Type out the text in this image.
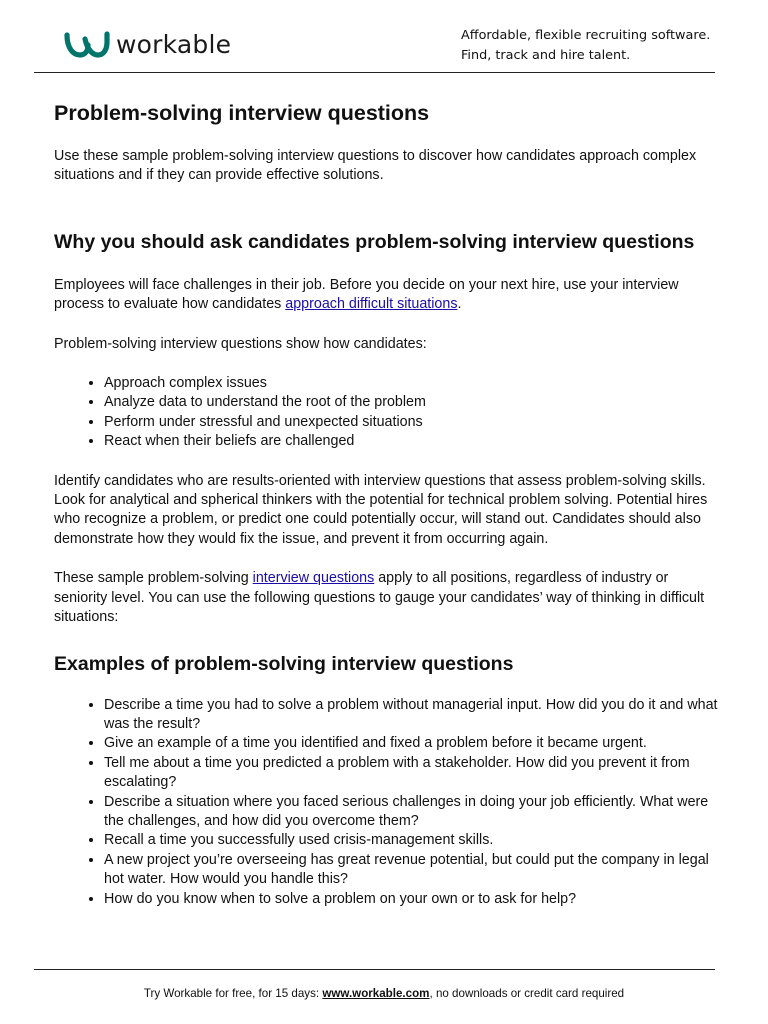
workable	Affordable, flexible recruiting software.
Find, track and hire talent.
Problem-solving interview questions

Use these sample problem-solving interview questions to discover how candidates approach complex situations and if they can provide effective solutions.

Why you should ask candidates problem-solving interview questions

Employees will face challenges in their job. Before you decide on your next hire, use your interview process to evaluate how candidates approach difficult situations.

Problem-solving interview questions show how candidates:

• Approach complex issues
• Analyze data to understand the root of the problem
• Perform under stressful and unexpected situations
• React when their beliefs are challenged

Identify candidates who are results-oriented with interview questions that assess problem-solving skills. Look for analytical and spherical thinkers with the potential for technical problem solving. Potential hires who recognize a problem, or predict one could potentially occur, will stand out. Candidates should also demonstrate how they would fix the issue, and prevent it from occurring again.

These sample problem-solving interview questions apply to all positions, regardless of industry or seniority level. You can use the following questions to gauge your candidates’ way of thinking in difficult situations:

Examples of problem-solving interview questions
• Describe a time you had to solve a problem without managerial input. How did you do it and what was the result?
• Give an example of a time you identified and fixed a problem before it became urgent.
• Tell me about a time you predicted a problem with a stakeholder. How did you prevent it from escalating?
• Describe a situation where you faced serious challenges in doing your job efficiently. What were the challenges, and how did you overcome them?
• Recall a time you successfully used crisis-management skills.
• A new project you’re overseeing has great revenue potential, but could put the company in legal hot water. How would you handle this?
• How do you know when to solve a problem on your own or to ask for help?
Try Workable for free, for 15 days: www.workable.com, no downloads or credit card required
